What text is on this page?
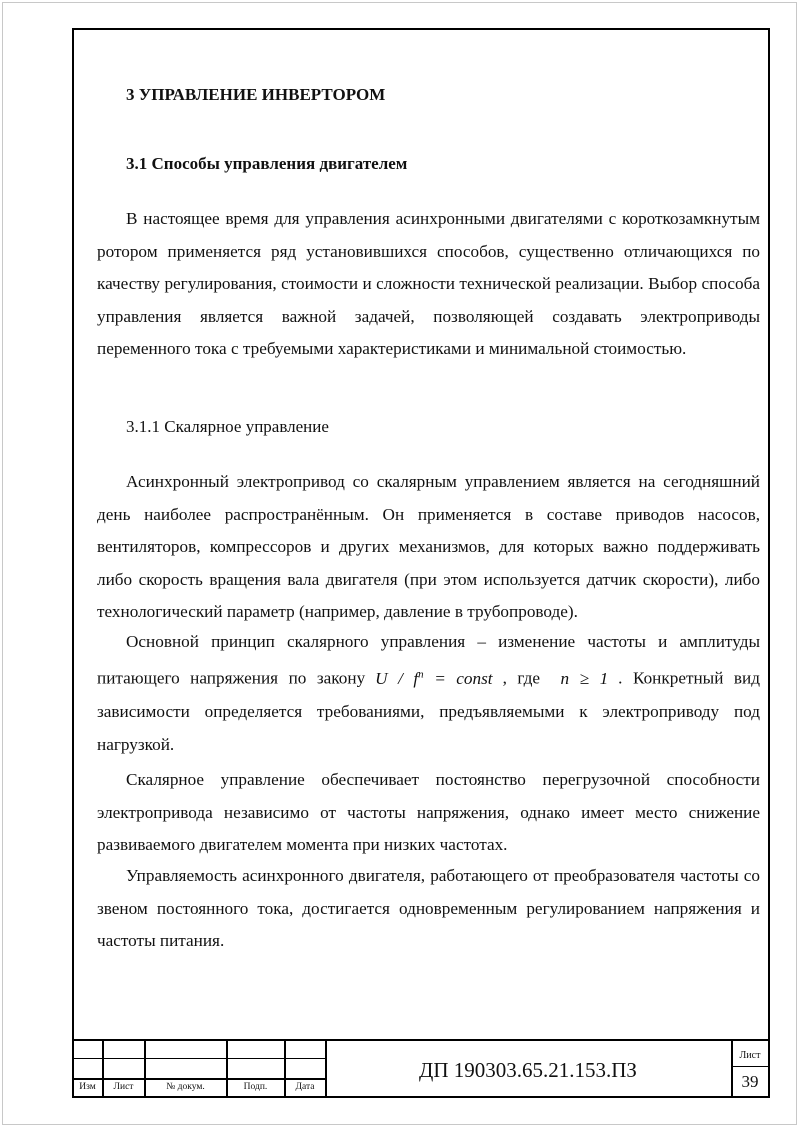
3 УПРАВЛЕНИЕ ИНВЕРТОРОМ
3.1 Способы управления двигателем

В настоящее время для управления асинхронными двигателями с короткозамкнутым ротором применяется ряд установившихся способов, существенно отличающихся по качеству регулирования, стоимости и сложности технической реализации. Выбор способа управления является важной задачей, позволяющей создавать электроприводы переменного тока с требуемыми характеристиками и минимальной стоимостью.

3.1.1 Скалярное управление

Асинхронный электропривод со скалярным управлением является на сегодняшний день наиболее распространённым. Он применяется в составе приводов насосов, вентиляторов, компрессоров и других механизмов, для которых важно поддерживать либо скорость вращения вала двигателя (при этом используется датчик скорости), либо технологический параметр (например, давление в трубопроводе).

Основной принцип скалярного управления – изменение частоты и амплитуды питающего напряжения по закону U / $f^n$ = const , где n ≥ 1 . Конкретный вид зависимости определяется требованиями, предъявляемыми к электроприводу под нагрузкой.

Скалярное управление обеспечивает постоянство перегрузочной способности электропривода независимо от частоты напряжения, однако имеет место снижение развиваемого двигателем момента при низких частотах.

Управляемость асинхронного двигателя, работающего от преобразователя частоты со звеном постоянного тока, достигается одновременным регулированием напряжения и частоты питания.

Изм	Лист	№ докум.	Подп.	Дата
ДП 190303.65.21.153.ПЗ
Лист
39
